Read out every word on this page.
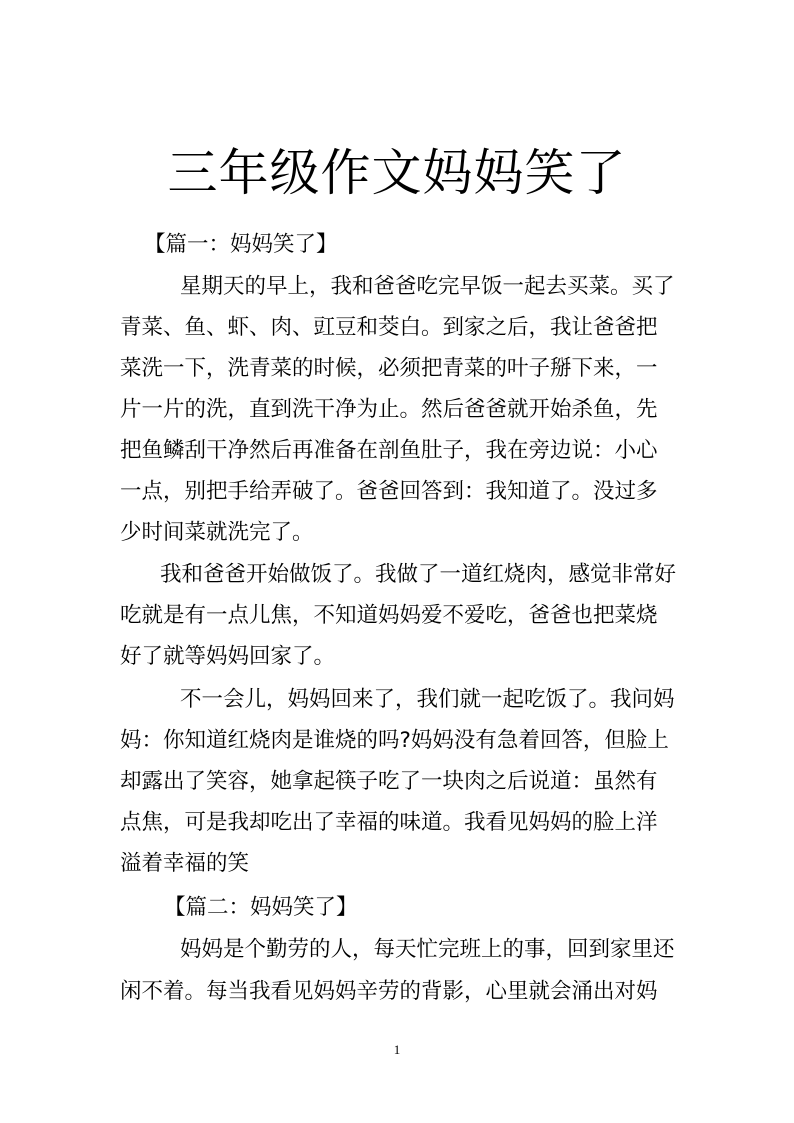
三年级作文妈妈笑了
【篇一：妈妈笑了】
星期天的早上，我和爸爸吃完早饭一起去买菜。买了
青菜、鱼、虾、肉、豇豆和茭白。到家之后，我让爸爸把
菜洗一下，洗青菜的时候，必须把青菜的叶子掰下来，一
片一片的洗，直到洗干净为止。然后爸爸就开始杀鱼，先
把鱼鳞刮干净然后再准备在剖鱼肚子，我在旁边说：小心
一点，别把手给弄破了。爸爸回答到：我知道了。没过多
少时间菜就洗完了。
我和爸爸开始做饭了。我做了一道红烧肉，感觉非常好
吃就是有一点儿焦，不知道妈妈爱不爱吃，爸爸也把菜烧
好了就等妈妈回家了。
不一会儿，妈妈回来了，我们就一起吃饭了。我问妈
妈：你知道红烧肉是谁烧的吗?妈妈没有急着回答，但脸上
却露出了笑容，她拿起筷子吃了一块肉之后说道：虽然有
点焦，可是我却吃出了幸福的味道。我看见妈妈的脸上洋
溢着幸福的笑
【篇二：妈妈笑了】
妈妈是个勤劳的人，每天忙完班上的事，回到家里还
闲不着。每当我看见妈妈辛劳的背影，心里就会涌出对妈
1
